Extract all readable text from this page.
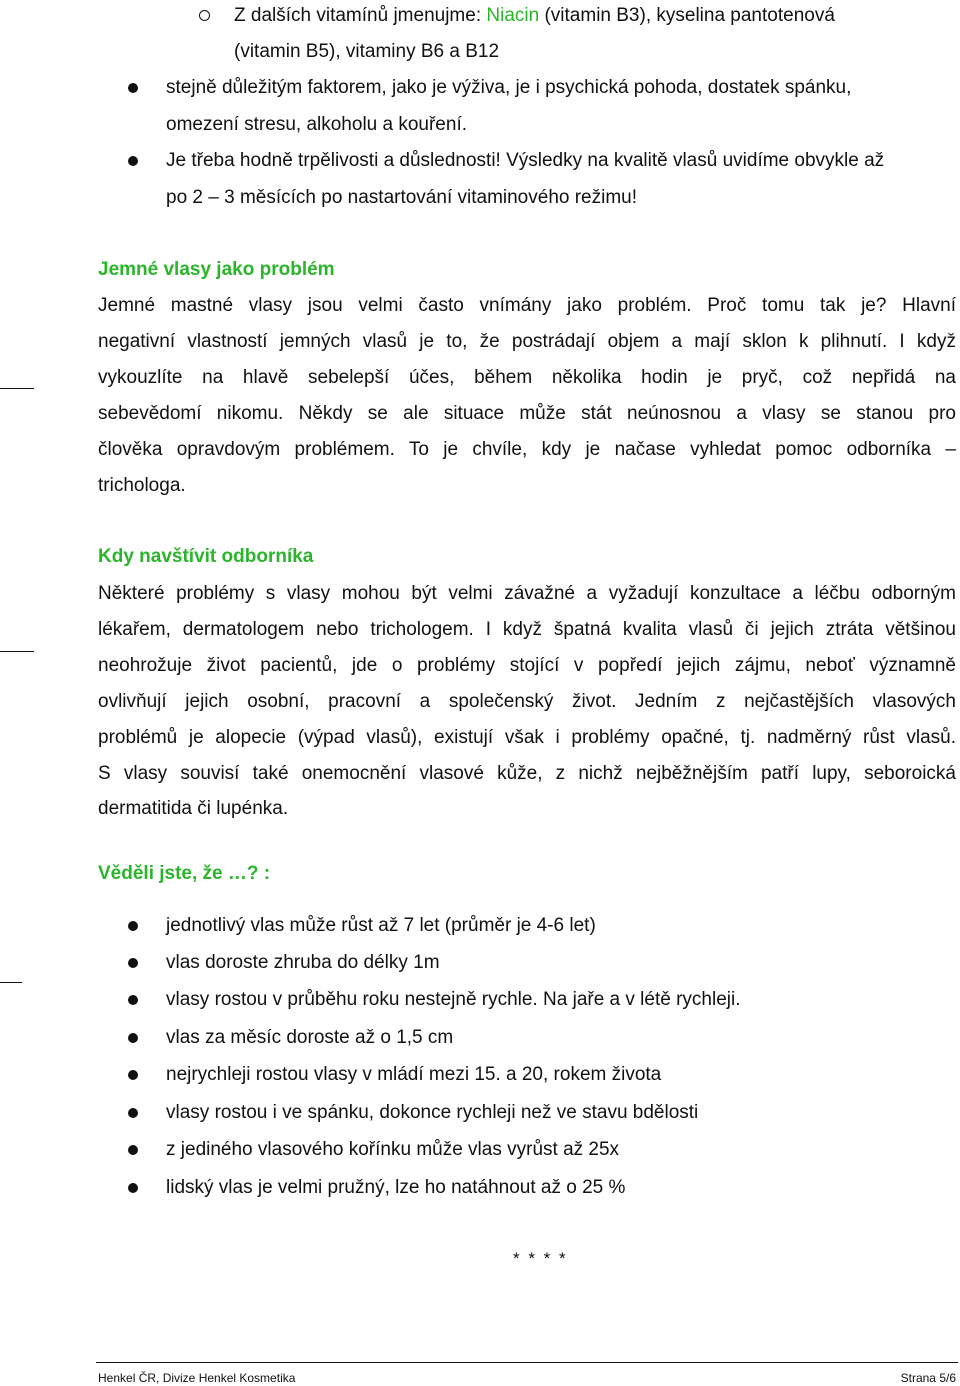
Z dalších vitamínů jmenujme: Niacin (vitamin B3), kyselina pantotenová
(vitamin B5), vitaminy B6 a B12
stejně důležitým faktorem, jako je výživa, je i psychická pohoda, dostatek spánku,
omezení stresu, alkoholu a kouření.
Je třeba hodně trpělivosti a důslednosti! Výsledky na kvalitě vlasů uvidíme obvykle až
po 2 – 3 měsících po nastartování vitaminového režimu!
Jemné vlasy jako problém
Jemné mastné vlasy jsou velmi často vnímány jako problém. Proč tomu tak je? Hlavní
negativní vlastností jemných vlasů je to, že postrádají objem a mají sklon k plihnutí. I když
vykouzlíte na hlavě sebelepší účes, během několika hodin je pryč, což nepřidá na
sebevědomí nikomu. Někdy se ale situace může stát neúnosnou a vlasy se stanou pro
člověka opravdovým problémem. To je chvíle, kdy je načase vyhledat pomoc odborníka –
trichologa.
Kdy navštívit odborníka
Některé problémy s vlasy mohou být velmi závažné a vyžadují konzultace a léčbu odborným
lékařem, dermatologem nebo trichologem. I když špatná kvalita vlasů či jejich ztráta většinou
neohrožuje život pacientů, jde o problémy stojící v popředí jejich zájmu, neboť významně
ovlivňují jejich osobní, pracovní a společenský život. Jedním z nejčastějších vlasových
problémů je alopecie (výpad vlasů), existují však i problémy opačné, tj. nadměrný růst vlasů.
S vlasy souvisí také onemocnění vlasové kůže, z nichž nejběžnějším patří lupy, seboroická
dermatitida či lupénka.
Věděli jste, že …? :
jednotlivý vlas může růst až 7 let (průměr je 4-6 let)
vlas doroste zhruba do délky 1m
vlasy rostou v průběhu roku nestejně rychle. Na jaře a v létě rychleji.
vlas za měsíc doroste až o 1,5 cm
nejrychleji rostou vlasy v mládí mezi 15. a 20, rokem života
vlasy rostou i ve spánku, dokonce rychleji než ve stavu bdělosti
z jediného vlasového kořínku může vlas vyrůst až 25x
lidský vlas je velmi pružný, lze ho natáhnout až o 25 %
* * * *
Henkel ČR, Divize Henkel Kosmetika	Strana 5/6
